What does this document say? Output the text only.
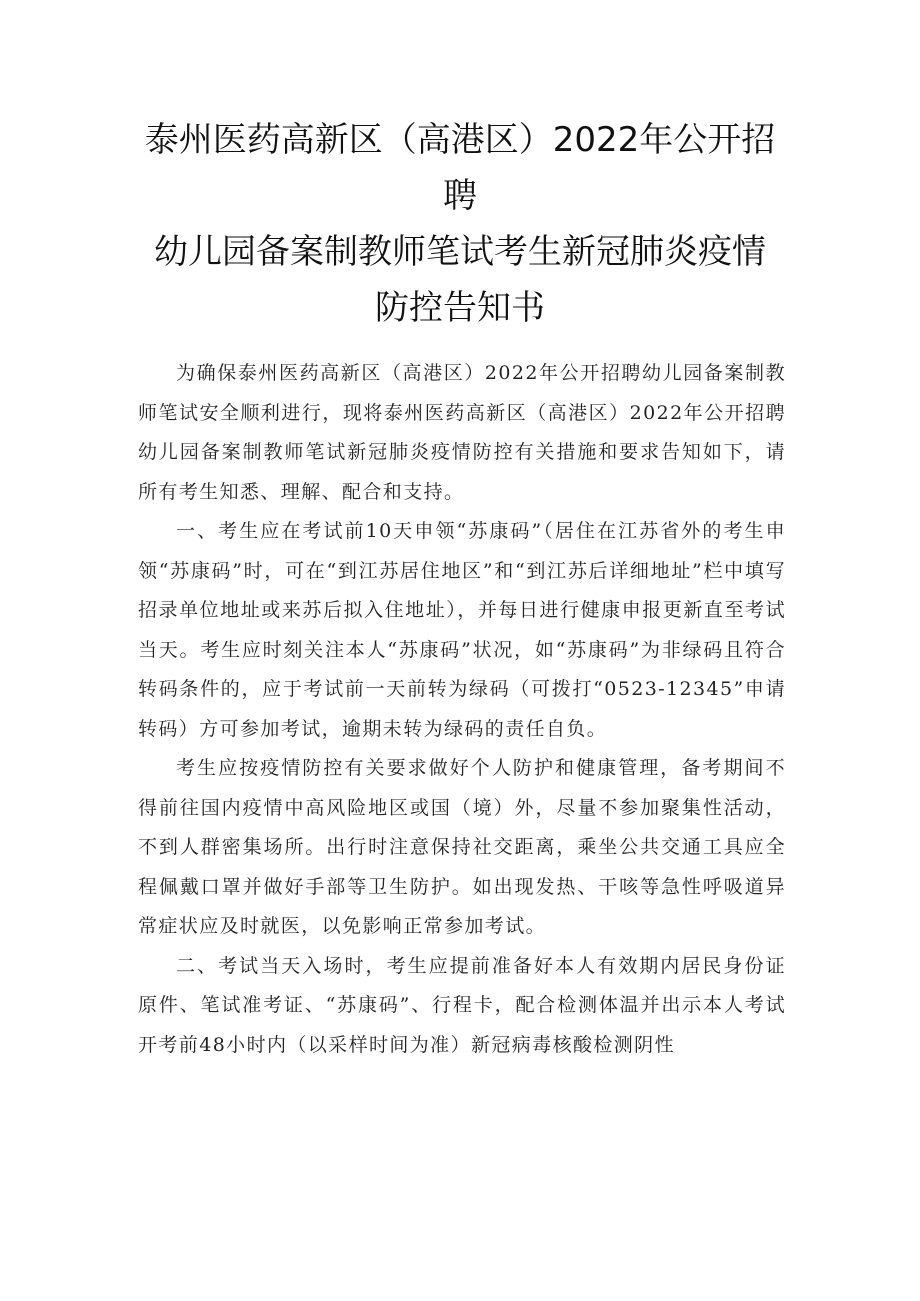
泰州医药高新区（高港区）2022年公开招
聘
幼儿园备案制教师笔试考生新冠肺炎疫情
防控告知书

为确保泰州医药高新区（高港区）2022年公开招聘幼儿园备案制教师笔试安全顺利进行，现将泰州医药高新区（高港区）2022年公开招聘幼儿园备案制教师笔试新冠肺炎疫情防控有关措施和要求告知如下，请所有考生知悉、理解、配合和支持。

一、考生应在考试前10天申领“苏康码”（居住在江苏省外的考生申领“苏康码”时，可在“到江苏居住地区”和“到江苏后详细地址”栏中填写招录单位地址或来苏后拟入住地址），并每日进行健康申报更新直至考试当天。考生应时刻关注本人“苏康码”状况，如“苏康码”为非绿码且符合转码条件的，应于考试前一天前转为绿码（可拨打“0523-12345”申请转码）方可参加考试，逾期未转为绿码的责任自负。

考生应按疫情防控有关要求做好个人防护和健康管理，备考期间不得前往国内疫情中高风险地区或国（境）外，尽量不参加聚集性活动，不到人群密集场所。出行时注意保持社交距离，乘坐公共交通工具应全程佩戴口罩并做好手部等卫生防护。如出现发热、干咳等急性呼吸道异常症状应及时就医，以免影响正常参加考试。

二、考试当天入场时，考生应提前准备好本人有效期内居民身份证原件、笔试准考证、“苏康码”、行程卡，配合检测体温并出示本人考试开考前48小时内（以采样时间为准）新冠病毒核酸检测阴性
